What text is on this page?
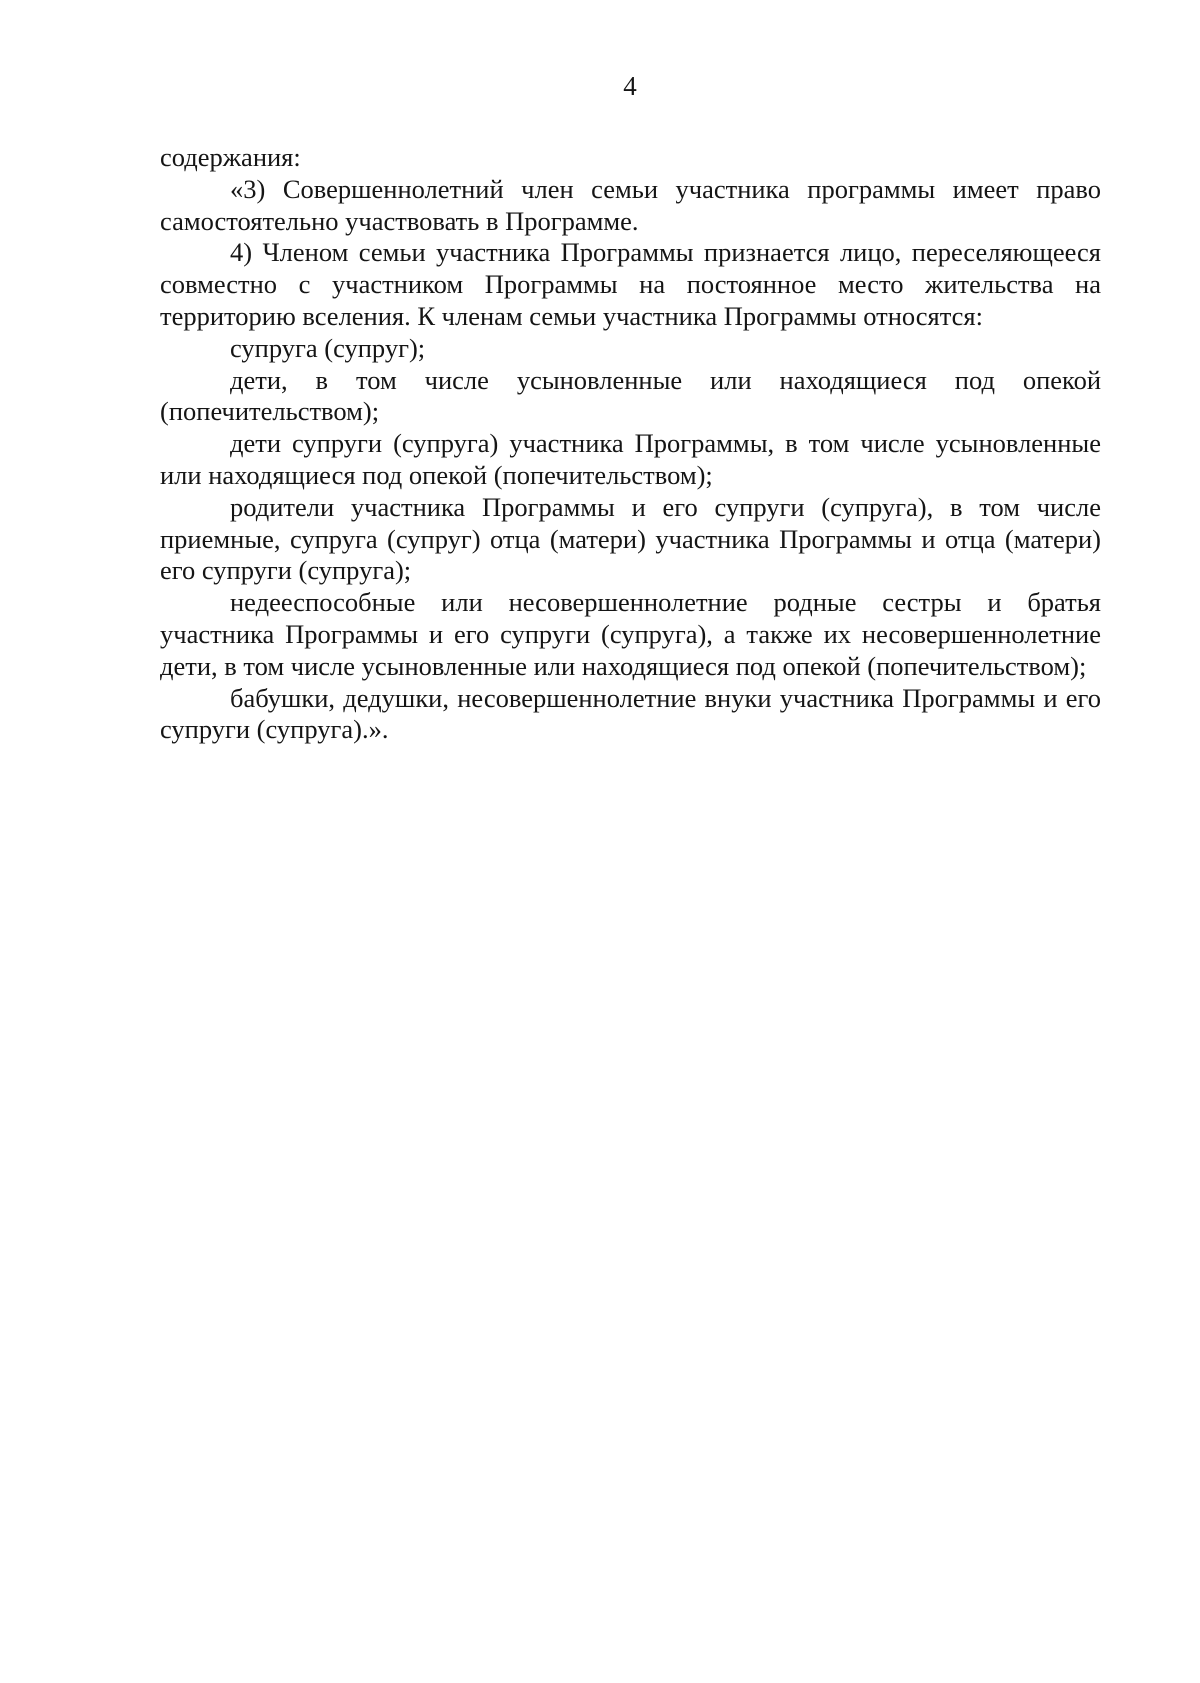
4

содержания:

«3) Совершеннолетний член семьи участника программы имеет право самостоятельно участвовать в Программе.

4) Членом семьи участника Программы признается лицо, переселяющееся совместно с участником Программы на постоянное место жительства на территорию вселения. К членам семьи участника Программы относятся:

супруга (супруг);

дети, в том числе усыновленные или находящиеся под опекой (попечительством);

дети супруги (супруга) участника Программы, в том числе усыновленные или находящиеся под опекой (попечительством);

родители участника Программы и его супруги (супруга), в том числе приемные, супруга (супруг) отца (матери) участника Программы и отца (матери) его супруги (супруга);

недееспособные или несовершеннолетние родные сестры и братья участника Программы и его супруги (супруга), а также их несовершеннолетние дети, в том числе усыновленные или находящиеся под опекой (попечительством);

бабушки, дедушки, несовершеннолетние внуки участника Программы и его супруги (супруга).».
